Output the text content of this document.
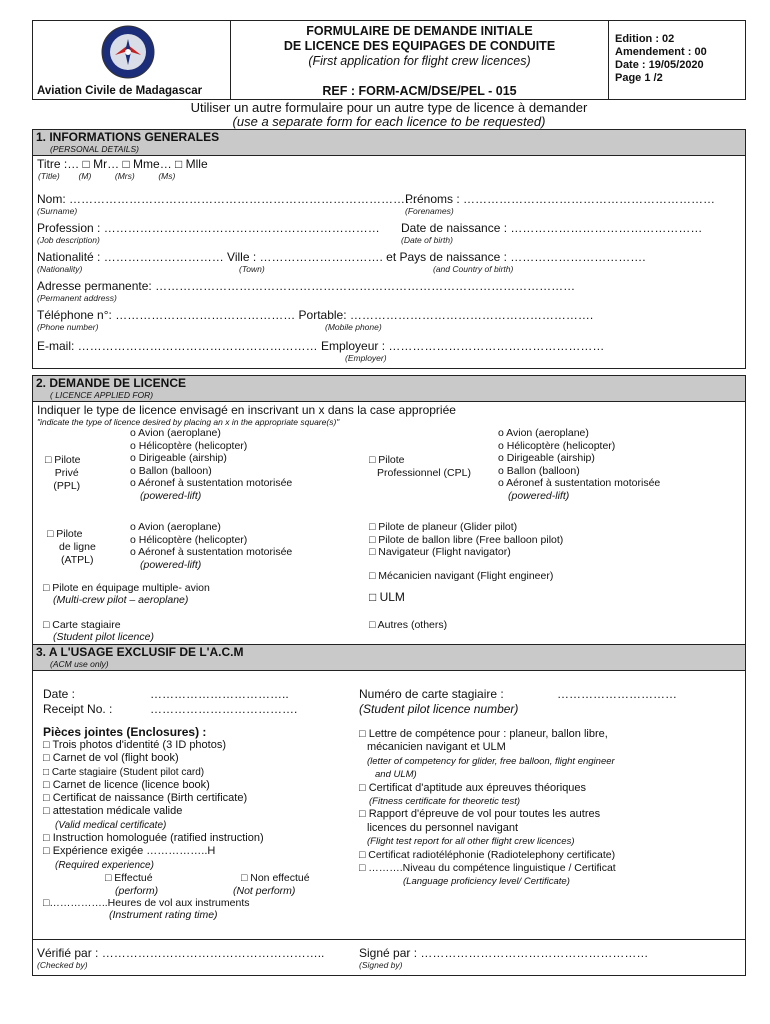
Aviation Civile de Madagascar
FORMULAIRE DE DEMANDE INITIALE
DE LICENCE DES EQUIPAGES DE CONDUITE
(First application for flight crew licences)
REF : FORM-ACM/DSE/PEL - 015
Edition : 02
Amendement : 00
Date : 19/05/2020
Page 1 /2
Utiliser un autre formulaire pour un autre type de licence à demander
(use a separate form for each licence to be requested)
1. INFORMATIONS GENERALES
(PERSONAL DETAILS)
Titre :… □ Mr… □ Mme… □ Mlle
(Title)        (M)          (Mrs)          (Ms)
Nom: ……………………………………………………………………………
(Surname)
Prénoms : ………………………………………………………
(Forenames)
Profession : ……………………………………………………………
(Job description)
Date de naissance : …………………………………………
(Date of birth)
Nationalité : ………………………… Ville : …………………………. et Pays de naissance : …………………………….
(Nationality)	(Town)	(and Country of birth)
Adresse permanente: ……………………………………………………………………………………………
(Permanent address)
Téléphone n°: ……………………………………… Portable: …………………………………………………….
(Phone number)	(Mobile phone)
E-mail: …………………………………………………… Employeur : ………………………………………………
(Employer)
2. DEMANDE DE LICENCE
( LICENCE APPLIED FOR)
Indiquer le type de licence envisagé en inscrivant un x dans la case appropriée
"indicate the type of licence desired by placing an x in the appropriate square(s)"
□ Pilote
Privé
(PPL)
o Avion (aeroplane)
o Hélicoptère (helicopter)
o Dirigeable (airship)
o Ballon (balloon)
o Aéronef à sustentation motorisée
(powered-lift)
□ Pilote
Professionnel (CPL)
o Avion (aeroplane)
o Hélicoptère (helicopter)
o Dirigeable (airship)
o Ballon (balloon)
o Aéronef à sustentation motorisée
(powered-lift)
□ Pilote
de ligne
(ATPL)
o Avion (aeroplane)
o Hélicoptère (helicopter)
o Aéronef à sustentation motorisée
(powered-lift)
□ Pilote de planeur (Glider pilot)
□ Pilote de ballon libre (Free balloon pilot)
□ Navigateur (Flight navigator)
□ Mécanicien navigant (Flight engineer)
□ Pilote en équipage multiple- avion
(Multi-crew pilot – aeroplane)	□ ULM
□ Carte stagiaire
(Student pilot licence)
□ Autres (others)
3. A L'USAGE EXCLUSIF DE L'A.C.M
(ACM use only)
Date :	……………………………..
Receipt No. :	……………………………….
Numéro de carte stagiaire :	…………………………
(Student pilot licence number)
Pièces jointes (Enclosures) :
□ Trois photos d'identité (3 ID photos)
□ Carnet de vol (flight book)
□ Carte stagiaire (Student pilot card)
□ Carnet de licence (licence book)
□ Certificat de naissance (Birth certificate)
□ attestation médicale valide
(Valid medical certificate)
□ Instruction homologuée (ratified instruction)
□ Expérience exigée ……………..H
(Required experience)
□ Effectué
(perform)
□ Non effectué
(Not perform)
□……………..Heures de vol aux instruments
(Instrument rating time)
□ Lettre de compétence pour : planeur, ballon libre,
mécanicien navigant et ULM
(letter of competency for glider, free balloon, flight engineer
and ULM)
□ Certificat d'aptitude aux épreuves théoriques
(Fitness certificate for theoretic test)
□ Rapport d'épreuve de vol pour toutes les autres
licences du personnel navigant
(Flight test report for all other flight crew licences)
□ Certificat radiotéléphonie (Radiotelephony certificate)
□ ……….Niveau du compétence linguistique / Certificat
(Language proficiency level/ Certificate)
Vérifié par : ………………………………………………..
(Checked by)
Signé par : …………………………………………………
(Signed by)
